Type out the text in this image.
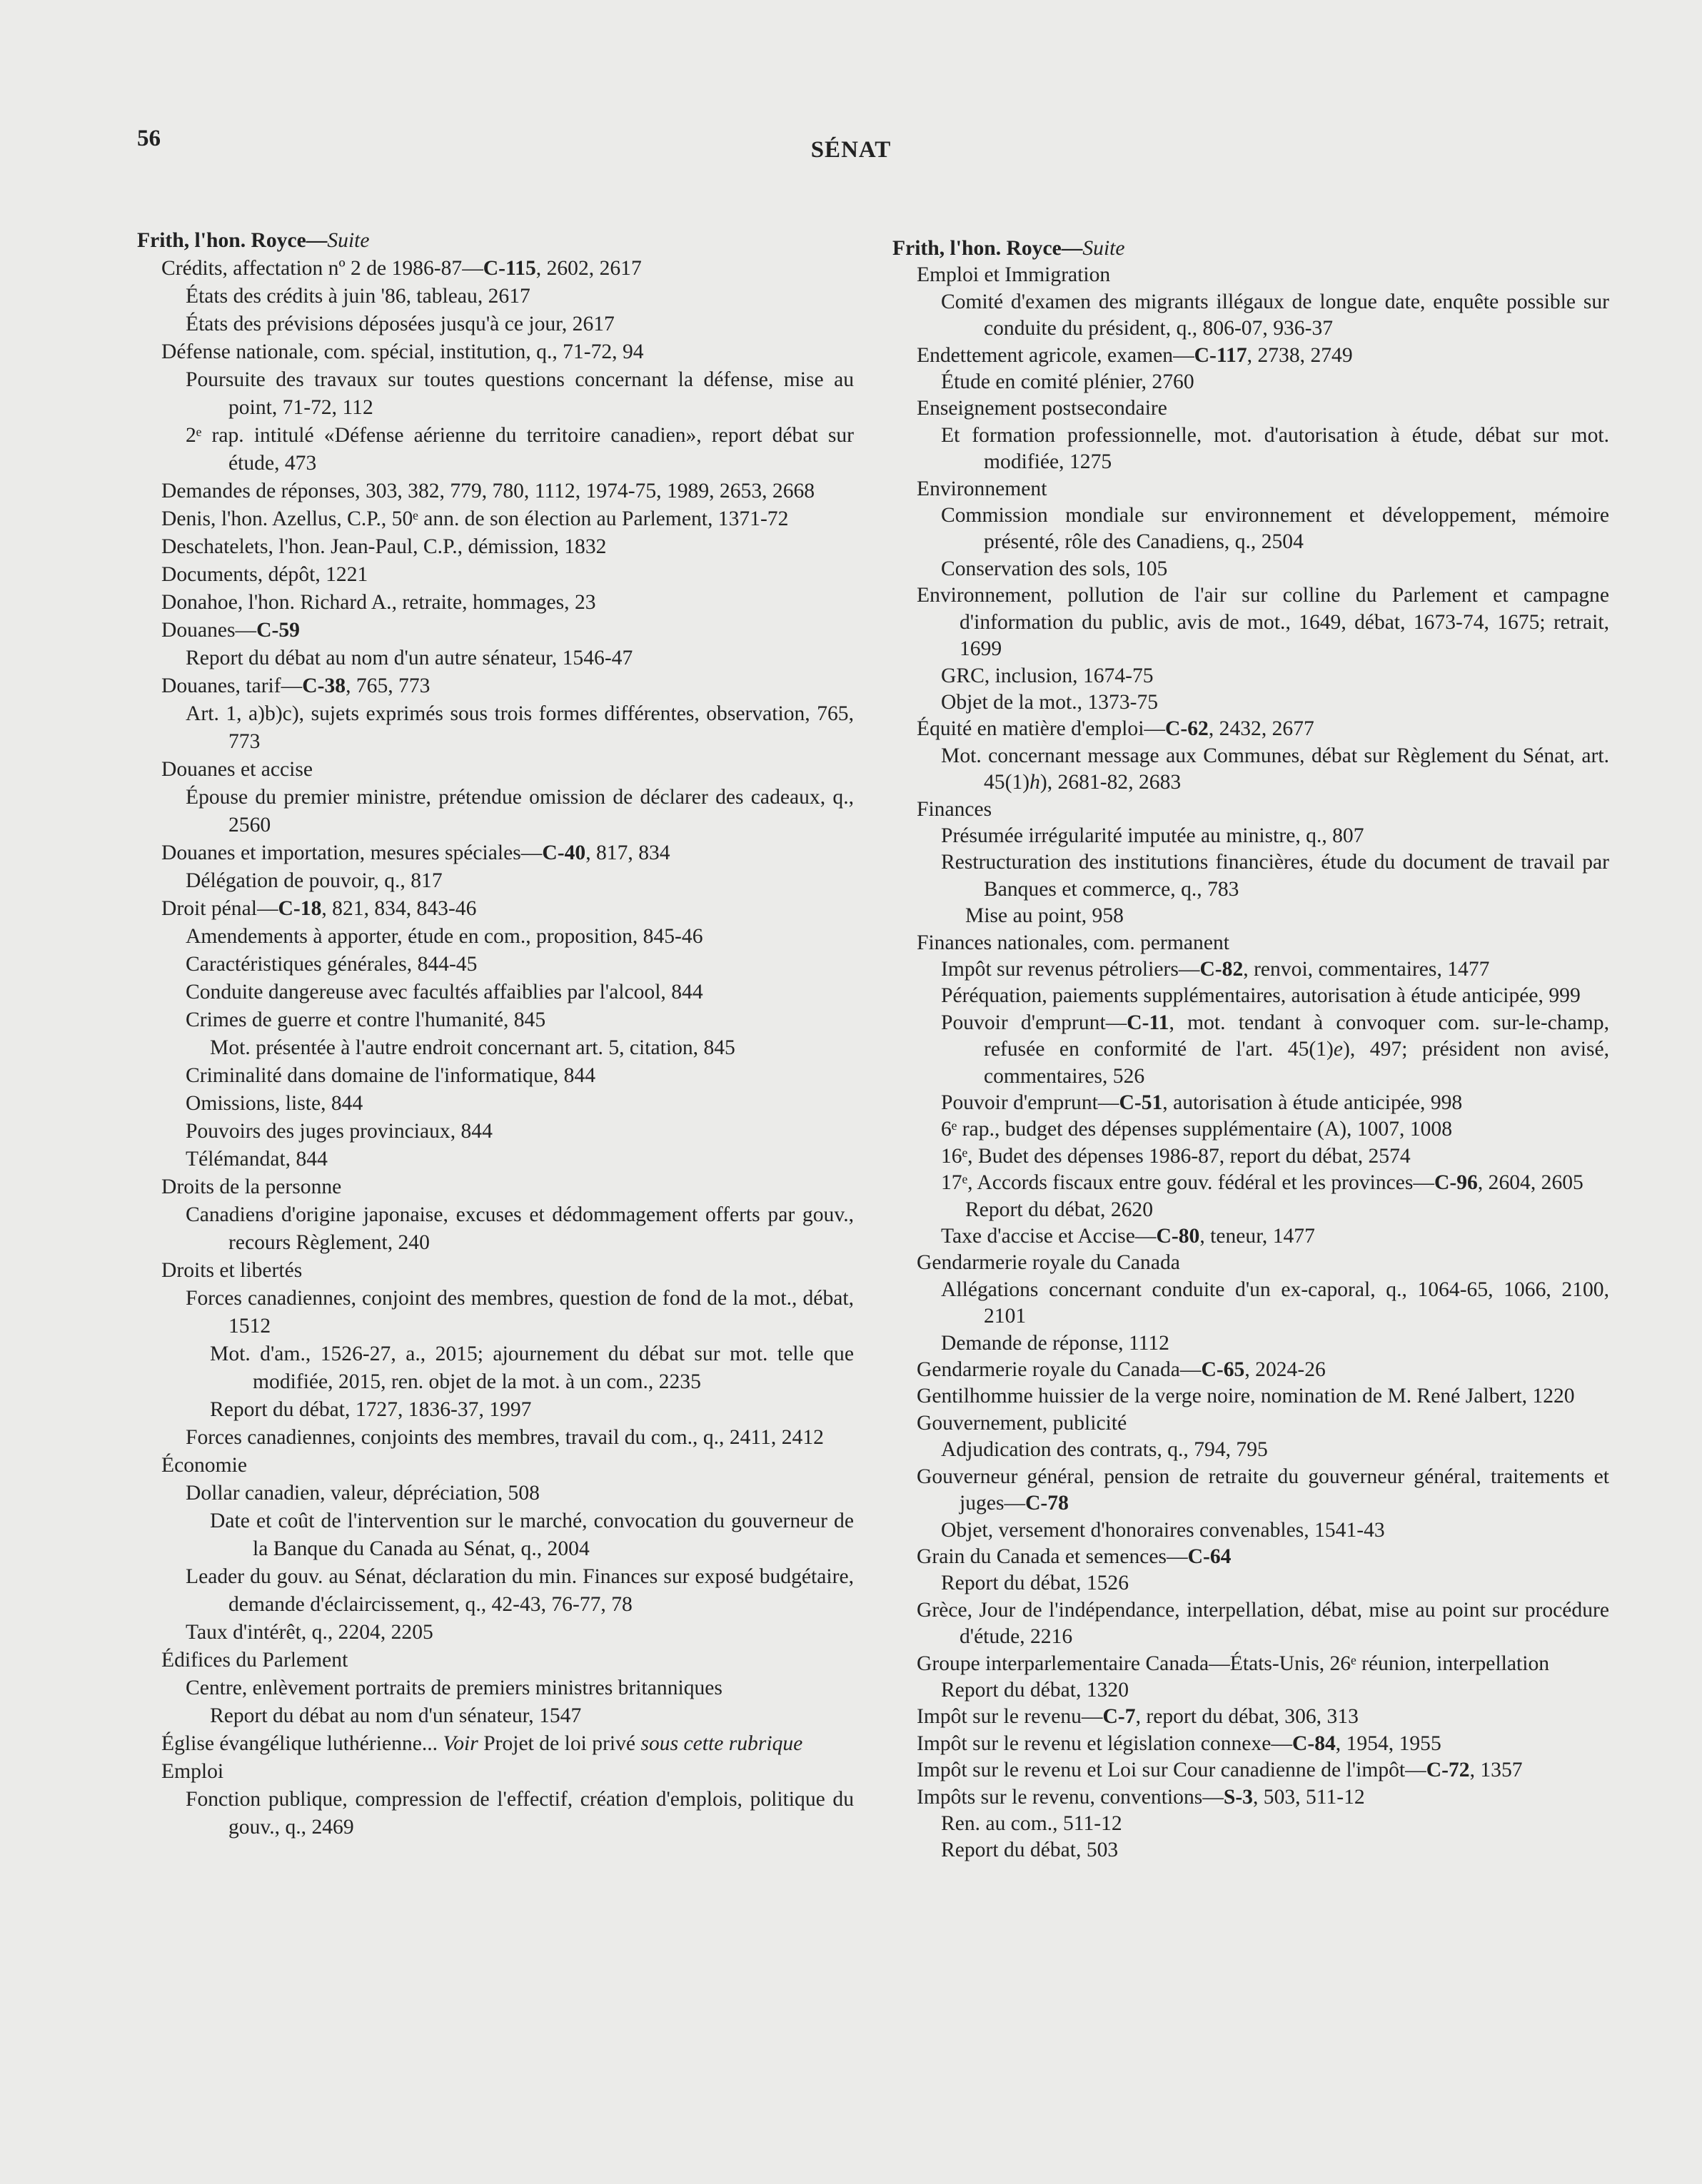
56	SÉNAT
Frith, l'hon. Royce—Suite
Crédits, affectation nº 2 de 1986-87—C-115, 2602, 2617
États des crédits à juin '86, tableau, 2617
États des prévisions déposées jusqu'à ce jour, 2617
Défense nationale, com. spécial, institution, q., 71-72, 94
Poursuite des travaux sur toutes questions concernant la défense, mise au point, 71-72, 112
2ᵉ rap. intitulé «Défense aérienne du territoire canadien», report débat sur étude, 473
Demandes de réponses, 303, 382, 779, 780, 1112, 1974-75, 1989, 2653, 2668
Denis, l'hon. Azellus, C.P., 50ᵉ ann. de son élection au Parlement, 1371-72
Deschatelets, l'hon. Jean-Paul, C.P., démission, 1832
Documents, dépôt, 1221
Donahoe, l'hon. Richard A., retraite, hommages, 23
Douanes—C-59
Report du débat au nom d'un autre sénateur, 1546-47
Douanes, tarif—C-38, 765, 773
Art. 1, a)b)c), sujets exprimés sous trois formes différentes, observation, 765, 773
Douanes et accise
Épouse du premier ministre, prétendue omission de déclarer des cadeaux, q., 2560
Douanes et importation, mesures spéciales—C-40, 817, 834
Délégation de pouvoir, q., 817
Droit pénal—C-18, 821, 834, 843-46
Amendements à apporter, étude en com., proposition, 845-46
Caractéristiques générales, 844-45
Conduite dangereuse avec facultés affaiblies par l'alcool, 844
Crimes de guerre et contre l'humanité, 845
Mot. présentée à l'autre endroit concernant art. 5, citation, 845
Criminalité dans domaine de l'informatique, 844
Omissions, liste, 844
Pouvoirs des juges provinciaux, 844
Télémandat, 844
Droits de la personne
Canadiens d'origine japonaise, excuses et dédommagement offerts par gouv., recours Règlement, 240
Droits et libertés
Forces canadiennes, conjoint des membres, question de fond de la mot., débat, 1512
Mot. d'am., 1526-27, a., 2015; ajournement du débat sur mot. telle que modifiée, 2015, ren. objet de la mot. à un com., 2235
Report du débat, 1727, 1836-37, 1997
Forces canadiennes, conjoints des membres, travail du com., q., 2411, 2412
Économie
Dollar canadien, valeur, dépréciation, 508
Date et coût de l'intervention sur le marché, convocation du gouverneur de la Banque du Canada au Sénat, q., 2004
Leader du gouv. au Sénat, déclaration du min. Finances sur exposé budgétaire, demande d'éclaircissement, q., 42-43, 76-77, 78
Taux d'intérêt, q., 2204, 2205
Édifices du Parlement
Centre, enlèvement portraits de premiers ministres britanniques
Report du débat au nom d'un sénateur, 1547
Église évangélique luthérienne... Voir Projet de loi privé sous cette rubrique
Emploi
Fonction publique, compression de l'effectif, création d'emplois, politique du gouv., q., 2469
Frith, l'hon. Royce—Suite
Emploi et Immigration
Comité d'examen des migrants illégaux de longue date, enquête possible sur conduite du président, q., 806-07, 936-37
Endettement agricole, examen—C-117, 2738, 2749
Étude en comité plénier, 2760
Enseignement postsecondaire
Et formation professionnelle, mot. d'autorisation à étude, débat sur mot. modifiée, 1275
Environnement
Commission mondiale sur environnement et développement, mémoire présenté, rôle des Canadiens, q., 2504
Conservation des sols, 105
Environnement, pollution de l'air sur colline du Parlement et campagne d'information du public, avis de mot., 1649, débat, 1673-74, 1675; retrait, 1699
GRC, inclusion, 1674-75
Objet de la mot., 1373-75
Équité en matière d'emploi—C-62, 2432, 2677
Mot. concernant message aux Communes, débat sur Règlement du Sénat, art. 45(1)h), 2681-82, 2683
Finances
Présumée irrégularité imputée au ministre, q., 807
Restructuration des institutions financières, étude du document de travail par Banques et commerce, q., 783
Mise au point, 958
Finances nationales, com. permanent
Impôt sur revenus pétroliers—C-82, renvoi, commentaires, 1477
Péréquation, paiements supplémentaires, autorisation à étude anticipée, 999
Pouvoir d'emprunt—C-11, mot. tendant à convoquer com. sur-le-champ, refusée en conformité de l'art. 45(1)e), 497; président non avisé, commentaires, 526
Pouvoir d'emprunt—C-51, autorisation à étude anticipée, 998
6ᵉ rap., budget des dépenses supplémentaire (A), 1007, 1008
16ᵉ, Budet des dépenses 1986-87, report du débat, 2574
17ᵉ, Accords fiscaux entre gouv. fédéral et les provinces—C-96, 2604, 2605
Report du débat, 2620
Taxe d'accise et Accise—C-80, teneur, 1477
Gendarmerie royale du Canada
Allégations concernant conduite d'un ex-caporal, q., 1064-65, 1066, 2100, 2101
Demande de réponse, 1112
Gendarmerie royale du Canada—C-65, 2024-26
Gentilhomme huissier de la verge noire, nomination de M. René Jalbert, 1220
Gouvernement, publicité
Adjudication des contrats, q., 794, 795
Gouverneur général, pension de retraite du gouverneur général, traitements et juges—C-78
Objet, versement d'honoraires convenables, 1541-43
Grain du Canada et semences—C-64
Report du débat, 1526
Grèce, Jour de l'indépendance, interpellation, débat, mise au point sur procédure d'étude, 2216
Groupe interparlementaire Canada—États-Unis, 26ᵉ réunion, interpellation
Report du débat, 1320
Impôt sur le revenu—C-7, report du débat, 306, 313
Impôt sur le revenu et législation connexe—C-84, 1954, 1955
Impôt sur le revenu et Loi sur Cour canadienne de l'impôt—C-72, 1357
Impôts sur le revenu, conventions—S-3, 503, 511-12
Ren. au com., 511-12
Report du débat, 503
